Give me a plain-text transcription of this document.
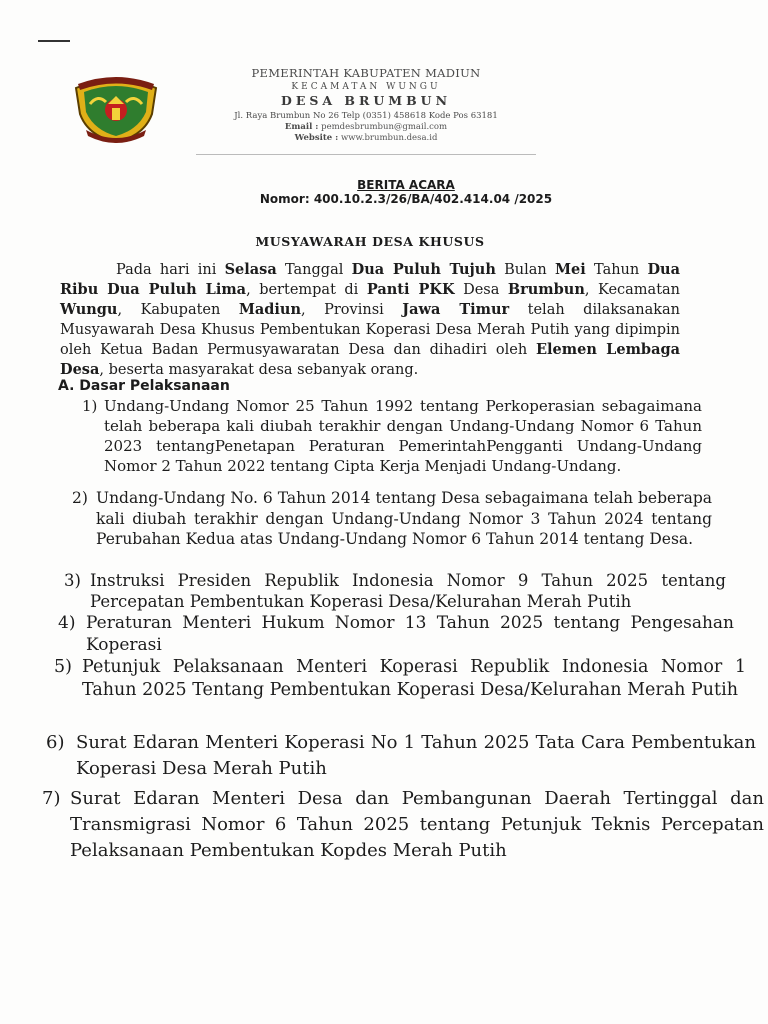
PEMERINTAH KABUPATEN MADIUN
KECAMATAN WUNGU
DESA BRUMBUN
Jl. Raya Brumbun No 26 Telp (0351) 458618 Kode Pos 63181
Email : pemdesbrumbun@gmail.com
Website : www.brumbun.desa.id
BERITA ACARA
Nomor: 400.10.2.3/26/BA/402.414.04 /2025
MUSYAWARAH DESA KHUSUS
Pada hari ini Selasa Tanggal Dua Puluh Tujuh Bulan Mei Tahun Dua Ribu Dua Puluh Lima, bertempat di Panti PKK Desa Brumbun, Kecamatan Wungu, Kabupaten Madiun, Provinsi Jawa Timur telah dilaksanakan Musyawarah Desa Khusus Pembentukan Koperasi Desa Merah Putih yang dipimpin oleh Ketua Badan Permusyawaratan Desa dan dihadiri oleh Elemen Lembaga Desa, beserta masyarakat desa sebanyak orang.
A. Dasar Pelaksanaan
1) Undang-Undang Nomor 25 Tahun 1992 tentang Perkoperasian sebagaimana telah beberapa kali diubah terakhir dengan Undang-Undang Nomor 6 Tahun 2023 tentangPenetapan Peraturan PemerintahPengganti Undang-Undang Nomor 2 Tahun 2022 tentang Cipta Kerja Menjadi Undang-Undang.
2) Undang-Undang No. 6 Tahun 2014 tentang Desa sebagaimana telah beberapa kali diubah terakhir dengan Undang-Undang Nomor 3 Tahun 2024 tentang Perubahan Kedua atas Undang-Undang Nomor 6 Tahun 2014 tentang Desa.
3) Instruksi Presiden Republik Indonesia Nomor 9 Tahun 2025 tentang Percepatan Pembentukan Koperasi Desa/Kelurahan Merah Putih
4) Peraturan Menteri Hukum Nomor 13 Tahun 2025 tentang Pengesahan Koperasi
5) Petunjuk Pelaksanaan Menteri Koperasi Republik Indonesia Nomor 1 Tahun 2025 Tentang Pembentukan Koperasi Desa/Kelurahan Merah Putih
6) Surat Edaran Menteri Koperasi No 1 Tahun 2025 Tata Cara Pembentukan Koperasi Desa Merah Putih
7) Surat Edaran Menteri Desa dan Pembangunan Daerah Tertinggal dan Transmigrasi Nomor 6 Tahun 2025 tentang Petunjuk Teknis Percepatan Pelaksanaan Pembentukan Kopdes Merah Putih
